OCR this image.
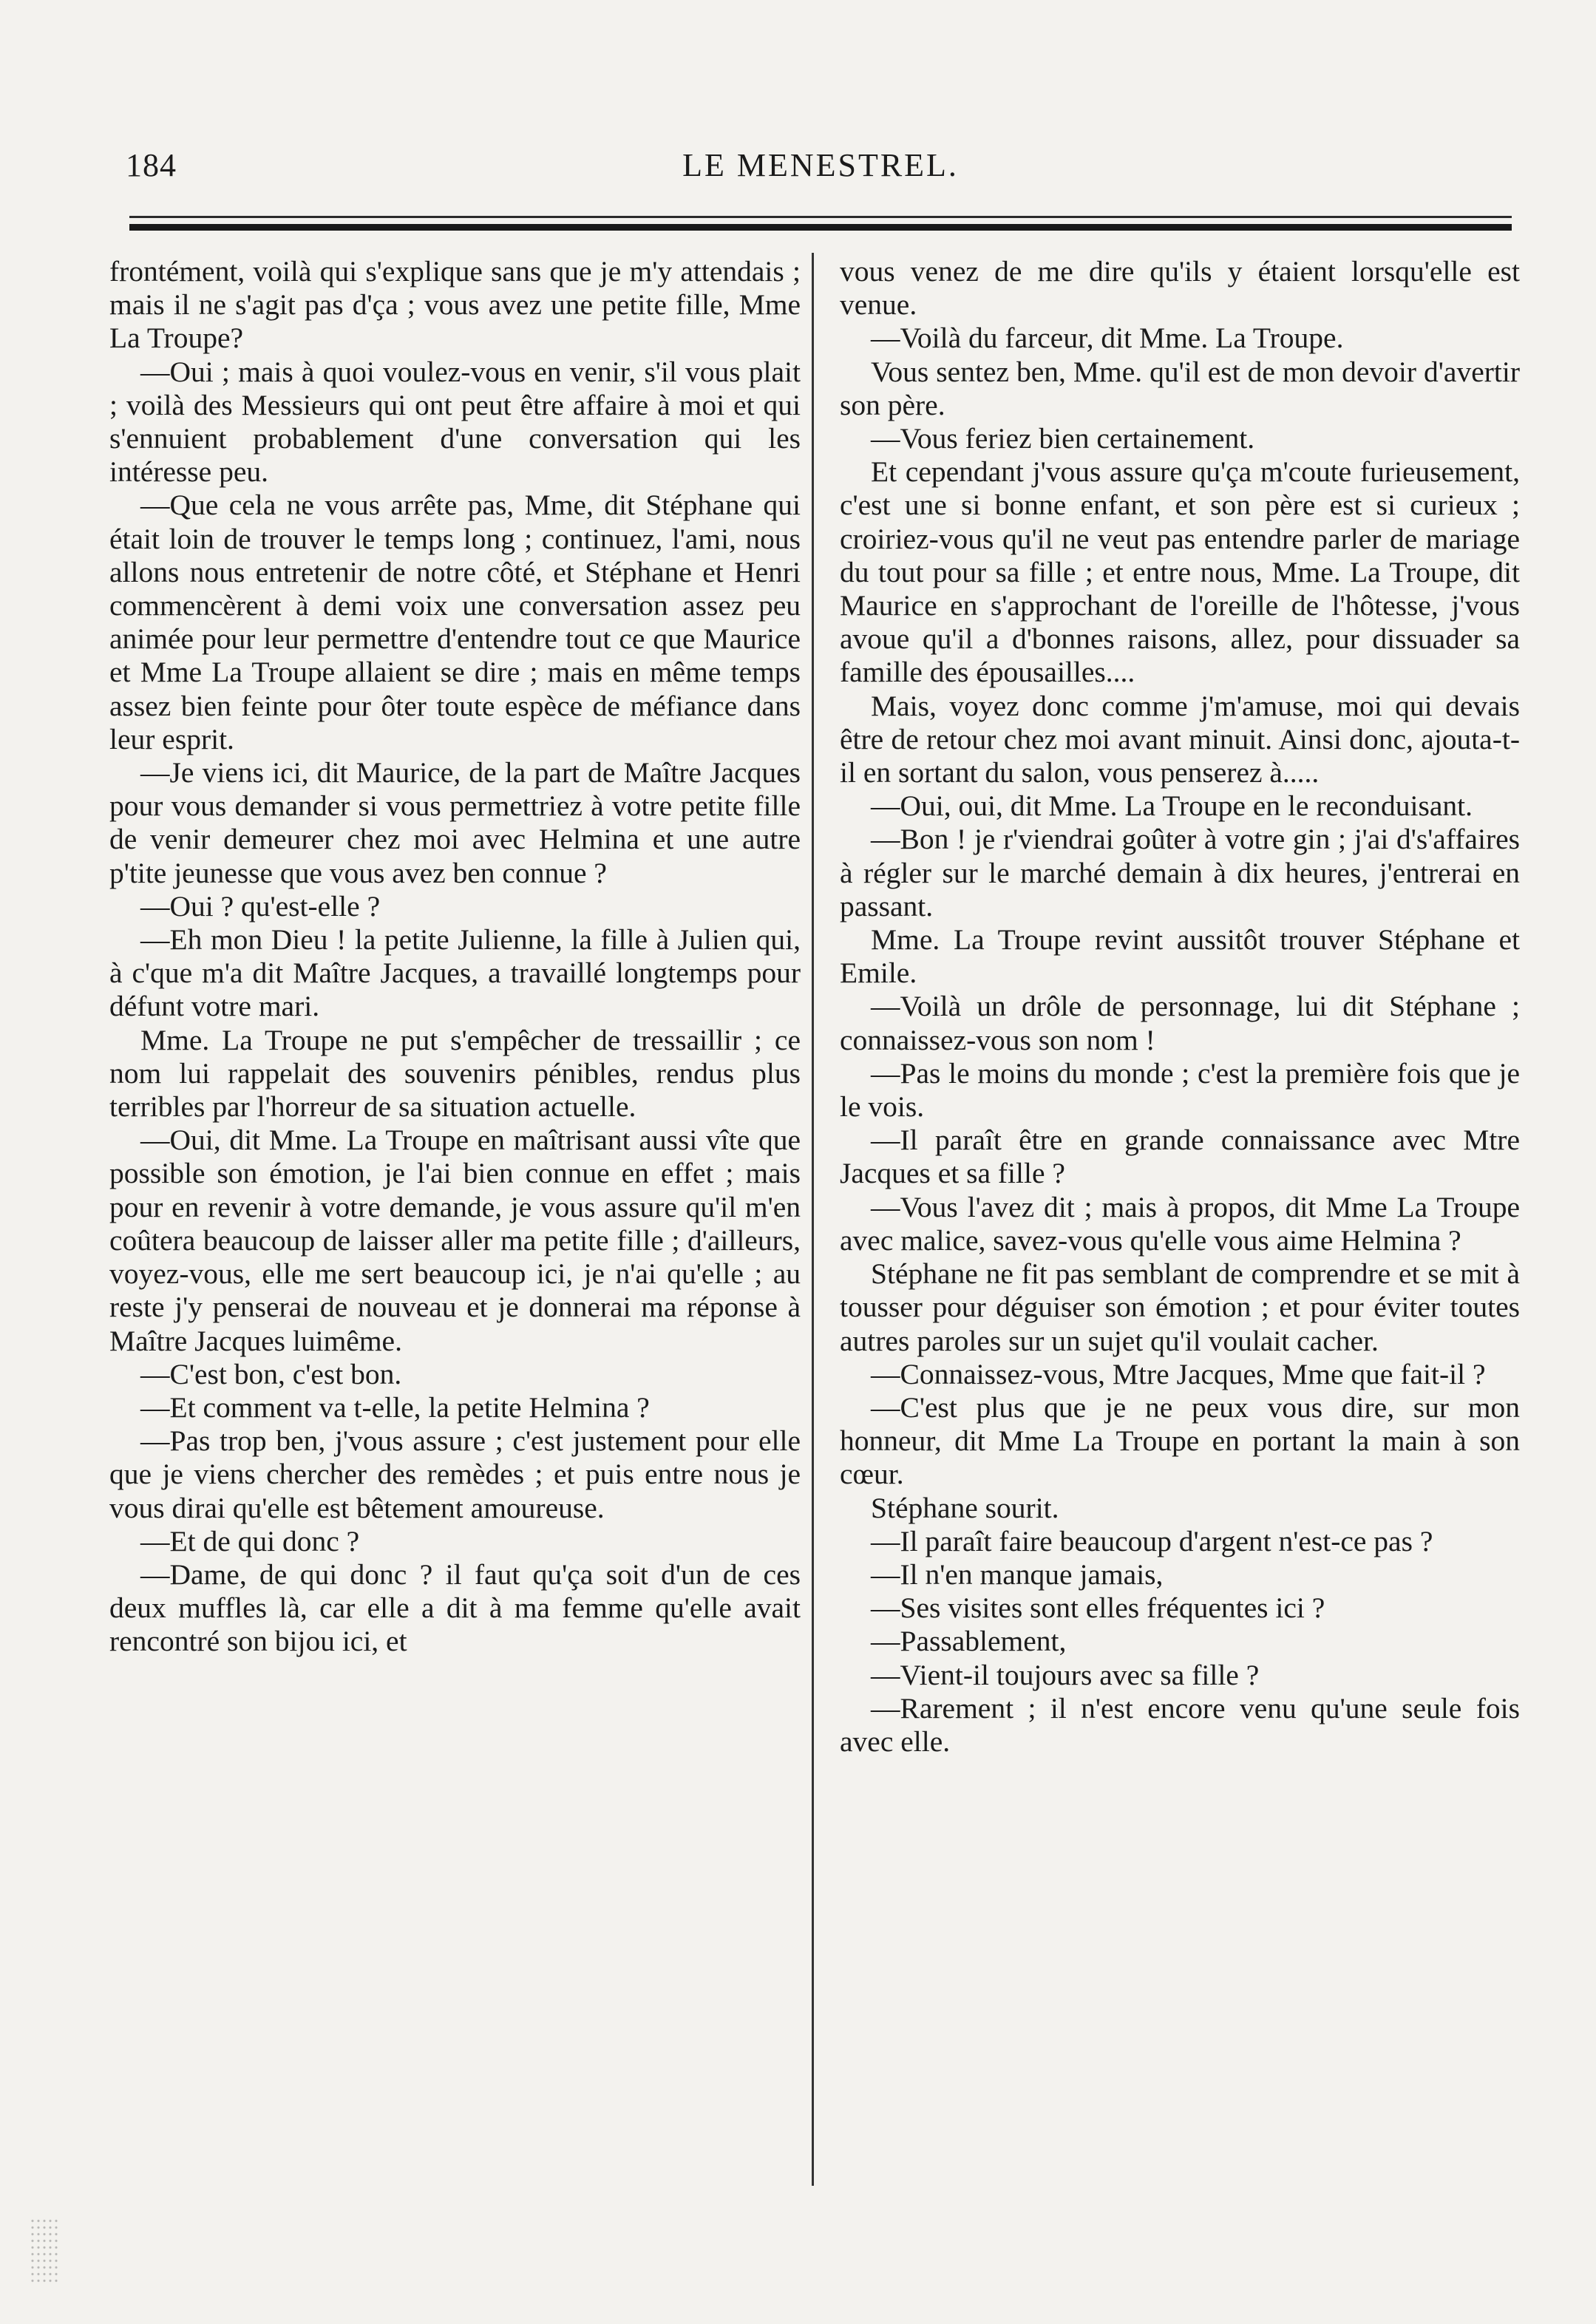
184	LE MENESTREL.

frontément, voilà qui s'explique sans que je m'y attendais ; mais il ne s'agit pas d'ça ; vous avez une petite fille, Mme La Troupe?

—Oui ; mais à quoi voulez-vous en venir, s'il vous plait ; voilà des Messieurs qui ont peut être affaire à moi et qui s'ennuient probablement d'une conversation qui les intéresse peu.

—Que cela ne vous arrête pas, Mme, dit Stéphane qui était loin de trouver le temps long ; continuez, l'ami, nous allons nous entretenir de notre côté, et Stéphane et Henri commencèrent à demi voix une conversation assez peu animée pour leur permettre d'entendre tout ce que Maurice et Mme La Troupe allaient se dire ; mais en même temps assez bien feinte pour ôter toute espèce de méfiance dans leur esprit.

—Je viens ici, dit Maurice, de la part de Maître Jacques pour vous demander si vous permettriez à votre petite fille de venir demeurer chez moi avec Helmina et une autre p'tite jeunesse que vous avez ben connue ?

—Oui ? qu'est-elle ?

—Eh mon Dieu ! la petite Julienne, la fille à Julien qui, à c'que m'a dit Maître Jacques, a travaillé longtemps pour défunt votre mari.

Mme. La Troupe ne put s'empêcher de tressaillir ; ce nom lui rappelait des souvenirs pénibles, rendus plus terribles par l'horreur de sa situation actuelle.

—Oui, dit Mme. La Troupe en maîtrisant aussi vîte que possible son émotion, je l'ai bien connue en effet ; mais pour en revenir à votre demande, je vous assure qu'il m'en coûtera beaucoup de laisser aller ma petite fille ; d'ailleurs, voyez-vous, elle me sert beaucoup ici, je n'ai qu'elle ; au reste j'y penserai de nouveau et je donnerai ma réponse à Maître Jacques luimême.

—C'est bon, c'est bon.

—Et comment va t-elle, la petite Helmina ?

—Pas trop ben, j'vous assure ; c'est justement pour elle que je viens chercher des remèdes ; et puis entre nous je vous dirai qu'elle est bêtement amoureuse.

—Et de qui donc ?

—Dame, de qui donc ? il faut qu'ça soit d'un de ces deux muffles là, car elle a dit à ma femme qu'elle avait rencontré son bijou ici, et

vous venez de me dire qu'ils y étaient lorsqu'elle est venue.

—Voilà du farceur, dit Mme. La Troupe.

Vous sentez ben, Mme. qu'il est de mon devoir d'avertir son père.

—Vous feriez bien certainement.

Et cependant j'vous assure qu'ça m'coute furieusement, c'est une si bonne enfant, et son père est si curieux ; croiriez-vous qu'il ne veut pas entendre parler de mariage du tout pour sa fille ; et entre nous, Mme. La Troupe, dit Maurice en s'approchant de l'oreille de l'hôtesse, j'vous avoue qu'il a d'bonnes raisons, allez, pour dissuader sa famille des épousailles....

Mais, voyez donc comme j'm'amuse, moi qui devais être de retour chez moi avant minuit. Ainsi donc, ajouta-t-il en sortant du salon, vous penserez à.....

—Oui, oui, dit Mme. La Troupe en le reconduisant.

—Bon ! je r'viendrai goûter à votre gin ; j'ai d's'affaires à régler sur le marché demain à dix heures, j'entrerai en passant.

Mme. La Troupe revint aussitôt trouver Stéphane et Emile.

—Voilà un drôle de personnage, lui dit Stéphane ; connaissez-vous son nom !

—Pas le moins du monde ; c'est la première fois que je le vois.

—Il paraît être en grande connaissance avec Mtre Jacques et sa fille ?

—Vous l'avez dit ; mais à propos, dit Mme La Troupe avec malice, savez-vous qu'elle vous aime Helmina ?

Stéphane ne fit pas semblant de comprendre et se mit à tousser pour déguiser son émotion ; et pour éviter toutes autres paroles sur un sujet qu'il voulait cacher.

—Connaissez-vous, Mtre Jacques, Mme que fait-il ?

—C'est plus que je ne peux vous dire, sur mon honneur, dit Mme La Troupe en portant la main à son cœur.

Stéphane sourit.

—Il paraît faire beaucoup d'argent n'est-ce pas ?

—Il n'en manque jamais,

—Ses visites sont elles fréquentes ici ?

—Passablement,

—Vient-il toujours avec sa fille ?

—Rarement ; il n'est encore venu qu'une seule fois avec elle.
